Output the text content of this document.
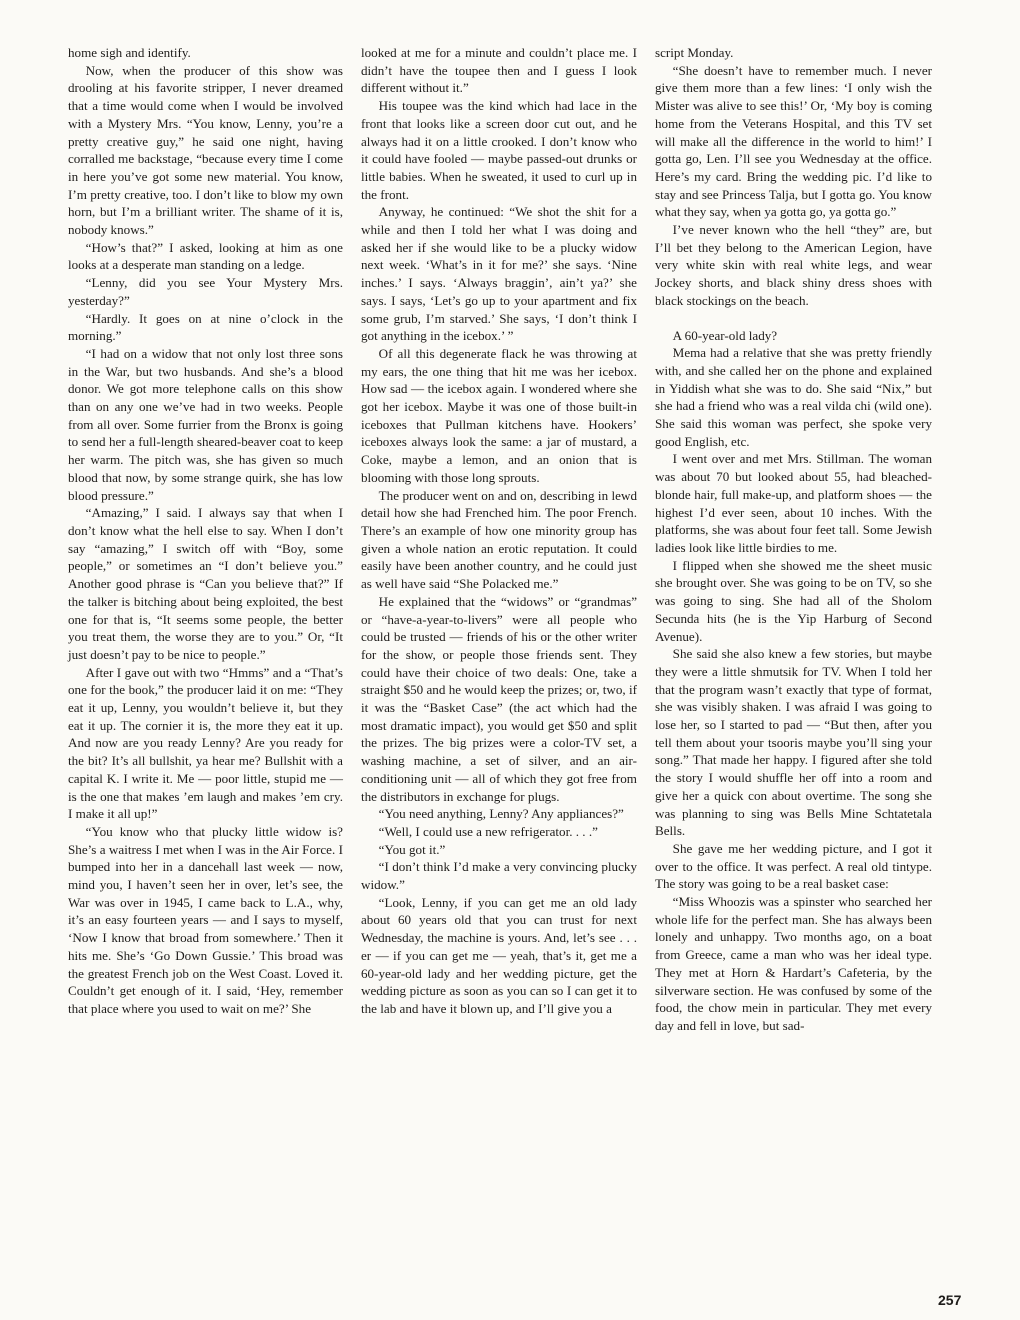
home sigh and identify.

Now, when the producer of this show was drooling at his favorite stripper, I never dreamed that a time would come when I would be involved with a Mystery Mrs. “You know, Lenny, you’re a pretty creative guy,” he said one night, having corralled me backstage, “because every time I come in here you’ve got some new material. You know, I’m pretty creative, too. I don’t like to blow my own horn, but I’m a brilliant writer. The shame of it is, nobody knows.”

“How’s that?” I asked, looking at him as one looks at a desperate man standing on a ledge.

“Lenny, did you see Your Mystery Mrs. yesterday?”

“Hardly. It goes on at nine o’clock in the morning.”

“I had on a widow that not only lost three sons in the War, but two husbands. And she’s a blood donor. We got more telephone calls on this show than on any one we’ve had in two weeks. People from all over. Some furrier from the Bronx is going to send her a full-length sheared-beaver coat to keep her warm. The pitch was, she has given so much blood that now, by some strange quirk, she has low blood pressure.”

“Amazing,” I said. I always say that when I don’t know what the hell else to say. When I don’t say “amazing,” I switch off with “Boy, some people,” or sometimes an “I don’t believe you.” Another good phrase is “Can you believe that?” If the talker is bitching about being exploited, the best one for that is, “It seems some people, the better you treat them, the worse they are to you.” Or, “It just doesn’t pay to be nice to people.”

After I gave out with two “Hmms” and a “That’s one for the book,” the producer laid it on me: “They eat it up, Lenny, you wouldn’t believe it, but they eat it up. The cornier it is, the more they eat it up. And now are you ready Lenny? Are you ready for the bit? It’s all bullshit, ya hear me? Bullshit with a capital K. I write it. Me — poor little, stupid me — is the one that makes ’em laugh and makes ’em cry. I make it all up!”

“You know who that plucky little widow is? She’s a waitress I met when I was in the Air Force. I bumped into her in a dancehall last week — now, mind you, I haven’t seen her in over, let’s see, the War was over in 1945, I came back to L.A., why, it’s an easy fourteen years — and I says to myself, ‘Now I know that broad from somewhere.’ Then it hits me. She’s ‘Go Down Gussie.’ This broad was the greatest French job on the West Coast. Loved it. Couldn’t get enough of it. I said, ‘Hey, remember that place where you used to wait on me?’ She

looked at me for a minute and couldn’t place me. I didn’t have the toupee then and I guess I look different without it.”

His toupee was the kind which had lace in the front that looks like a screen door cut out, and he always had it on a little crooked. I don’t know who it could have fooled — maybe passed-out drunks or little babies. When he sweated, it used to curl up in the front.

Anyway, he continued: “We shot the shit for a while and then I told her what I was doing and asked her if she would like to be a plucky widow next week. ‘What’s in it for me?’ she says. ‘Nine inches.’ I says. ‘Always braggin’, ain’t ya?’ she says. I says, ‘Let’s go up to your apartment and fix some grub, I’m starved.’ She says, ‘I don’t think I got anything in the icebox.’ ”

Of all this degenerate flack he was throwing at my ears, the one thing that hit me was her icebox. How sad — the icebox again. I wondered where she got her icebox. Maybe it was one of those built-in iceboxes that Pullman kitchens have. Hookers’ iceboxes always look the same: a jar of mustard, a Coke, maybe a lemon, and an onion that is blooming with those long sprouts.

The producer went on and on, describing in lewd detail how she had Frenched him. The poor French. There’s an example of how one minority group has given a whole nation an erotic reputation. It could easily have been another country, and he could just as well have said “She Polacked me.”

He explained that the “widows” or “grandmas” or “have-a-year-to-livers” were all people who could be trusted — friends of his or the other writer for the show, or people those friends sent. They could have their choice of two deals: One, take a straight $50 and he would keep the prizes; or, two, if it was the “Basket Case” (the act which had the most dramatic impact), you would get $50 and split the prizes. The big prizes were a color-TV set, a washing machine, a set of silver, and an air-conditioning unit — all of which they got free from the distributors in exchange for plugs.

“You need anything, Lenny? Any appliances?”

“Well, I could use a new refrigerator. . . .”

“You got it.”

“I don’t think I’d make a very convincing plucky widow.”

“Look, Lenny, if you can get me an old lady about 60 years old that you can trust for next Wednesday, the machine is yours. And, let’s see . . . er — if you can get me — yeah, that’s it, get me a 60-year-old lady and her wedding picture, get the wedding picture as soon as you can so I can get it to the lab and have it blown up, and I’ll give you a

script Monday.

“She doesn’t have to remember much. I never give them more than a few lines: ‘I only wish the Mister was alive to see this!’ Or, ‘My boy is coming home from the Veterans Hospital, and this TV set will make all the difference in the world to him!’ I gotta go, Len. I’ll see you Wednesday at the office. Here’s my card. Bring the wedding pic. I’d like to stay and see Princess Talja, but I gotta go. You know what they say, when ya gotta go, ya gotta go.”

I’ve never known who the hell “they” are, but I’ll bet they belong to the American Legion, have very white skin with real white legs, and wear Jockey shorts, and black shiny dress shoes with black stockings on the beach.

A 60-year-old lady?

Mema had a relative that she was pretty friendly with, and she called her on the phone and explained in Yiddish what she was to do. She said “Nix,” but she had a friend who was a real vilda chi (wild one). She said this woman was perfect, she spoke very good English, etc.

I went over and met Mrs. Stillman. The woman was about 70 but looked about 55, had bleached-blonde hair, full make-up, and platform shoes — the highest I’d ever seen, about 10 inches. With the platforms, she was about four feet tall. Some Jewish ladies look like little birdies to me.

I flipped when she showed me the sheet music she brought over. She was going to be on TV, so she was going to sing. She had all of the Sholom Secunda hits (he is the Yip Harburg of Second Avenue).

She said she also knew a few stories, but maybe they were a little shmutsik for TV. When I told her that the program wasn’t exactly that type of format, she was visibly shaken. I was afraid I was going to lose her, so I started to pad — “But then, after you tell them about your tsooris maybe you’ll sing your song.” That made her happy. I figured after she told the story I would shuffle her off into a room and give her a quick con about overtime. The song she was planning to sing was Bells Mine Schtatetala Bells.

She gave me her wedding picture, and I got it over to the office. It was perfect. A real old tintype. The story was going to be a real basket case:

“Miss Whoozis was a spinster who searched her whole life for the perfect man. She has always been lonely and unhappy. Two months ago, on a boat from Greece, came a man who was her ideal type. They met at Horn & Hardart’s Cafeteria, by the silverware section. He was confused by some of the food, the chow mein in particular. They met every day and fell in love, but sad-

257
